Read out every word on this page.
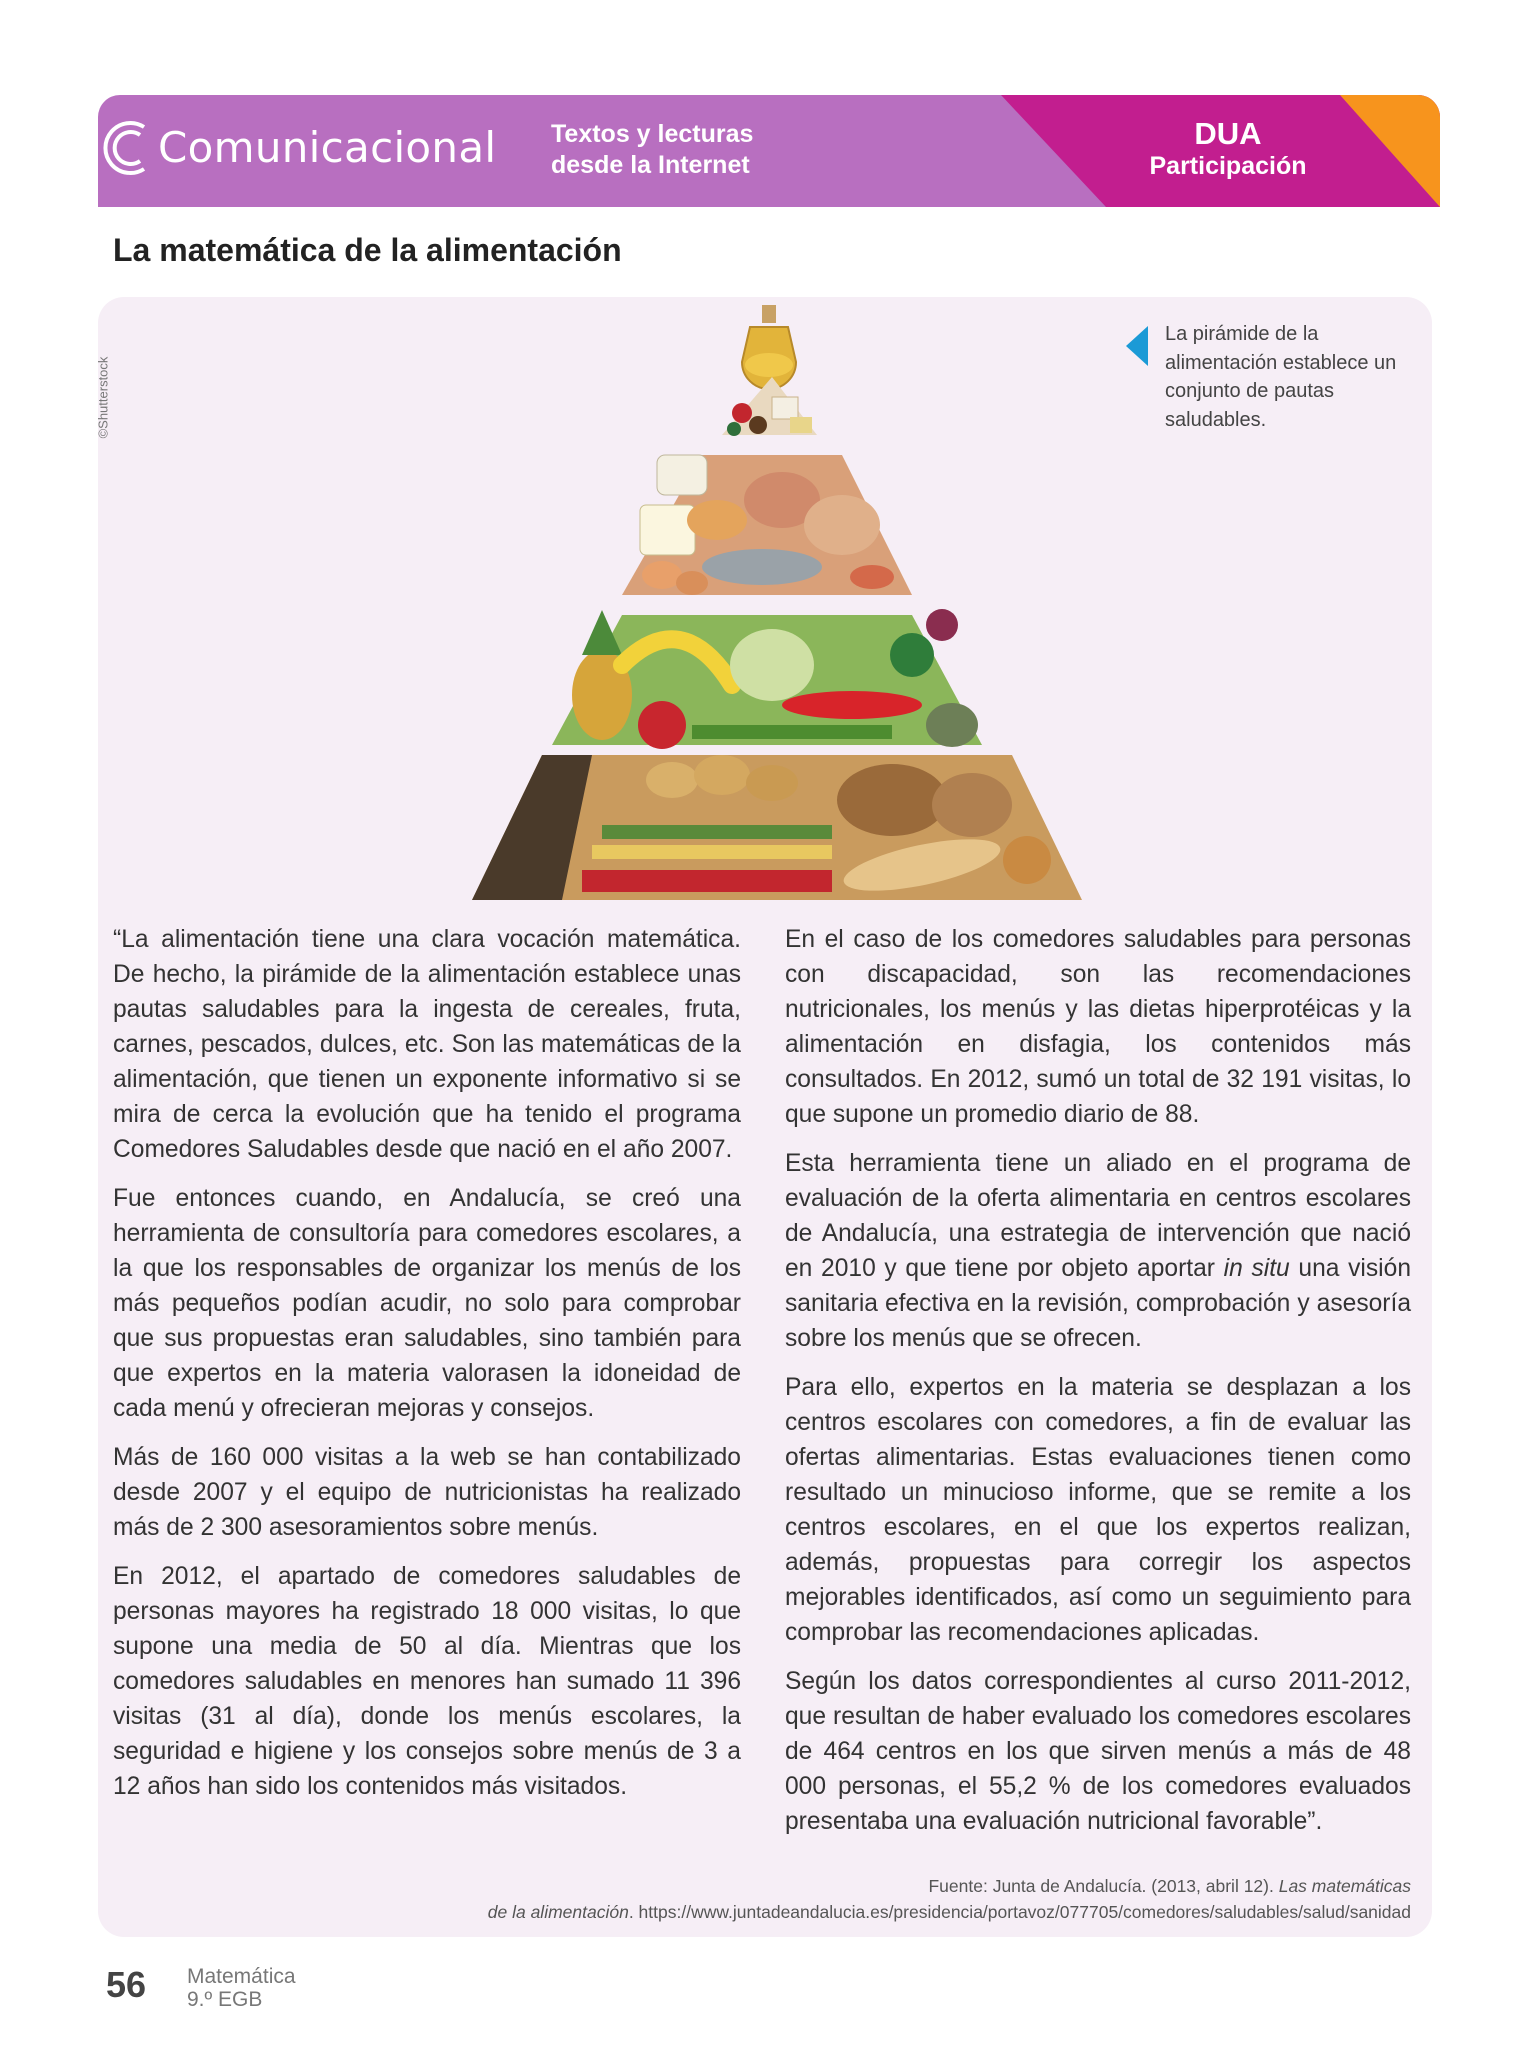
Comunicacional Textos y lecturas
desde la Internet
DUA
Participación
La matemática de la alimentación
©Shutterstock

La pirámide de la alimentación establece un conjunto de pautas saludables.

“La alimentación tiene una clara vocación matemática. De hecho, la pirámide de la alimentación establece unas pautas saludables para la ingesta de cereales, fruta, carnes, pescados, dulces, etc. Son las matemáticas de la alimentación, que tienen un exponente informativo si se mira de cerca la evolución que ha tenido el programa Comedores Saludables desde que nació en el año 2007.

Fue entonces cuando, en Andalucía, se creó una herramienta de consultoría para comedores escolares, a la que los responsables de organizar los menús de los más pequeños podían acudir, no solo para comprobar que sus propuestas eran saludables, sino también para que expertos en la materia valorasen la idoneidad de cada menú y ofrecieran mejoras y consejos.

Más de 160 000 visitas a la web se han contabilizado desde 2007 y el equipo de nutricionistas ha realizado más de 2 300 asesoramientos sobre menús.

En 2012, el apartado de comedores saludables de personas mayores ha registrado 18 000 visitas, lo que supone una media de 50 al día. Mientras que los comedores saludables en menores han sumado 11 396 visitas (31 al día), donde los menús escolares, la seguridad e higiene y los consejos sobre menús de 3 a 12 años han sido los contenidos más visitados.

En el caso de los comedores saludables para personas con discapacidad, son las recomendaciones nutricionales, los menús y las dietas hiperprotéicas y la alimentación en disfagia, los contenidos más consultados. En 2012, sumó un total de 32 191 visitas, lo que supone un promedio diario de 88.

Esta herramienta tiene un aliado en el programa de evaluación de la oferta alimentaria en centros escolares de Andalucía, una estrategia de intervención que nació en 2010 y que tiene por objeto aportar in situ una visión sanitaria efectiva en la revisión, comprobación y asesoría sobre los menús que se ofrecen.

Para ello, expertos en la materia se desplazan a los centros escolares con comedores, a fin de evaluar las ofertas alimentarias. Estas evaluaciones tienen como resultado un minucioso informe, que se remite a los centros escolares, en el que los expertos realizan, además, propuestas para corregir los aspectos mejorables identificados, así como un seguimiento para comprobar las recomendaciones aplicadas.

Según los datos correspondientes al curso 2011-2012, que resultan de haber evaluado los comedores escolares de 464 centros en los que sirven menús a más de 48 000 personas, el 55,2 % de los comedores evaluados presentaba una evaluación nutricional favorable”.

Fuente: Junta de Andalucía. (2013, abril 12). Las matemáticas
de la alimentación. https://www.juntadeandalucia.es/presidencia/portavoz/077705/comedores/saludables/salud/sanidad
56 Matemática
9.º EGB
